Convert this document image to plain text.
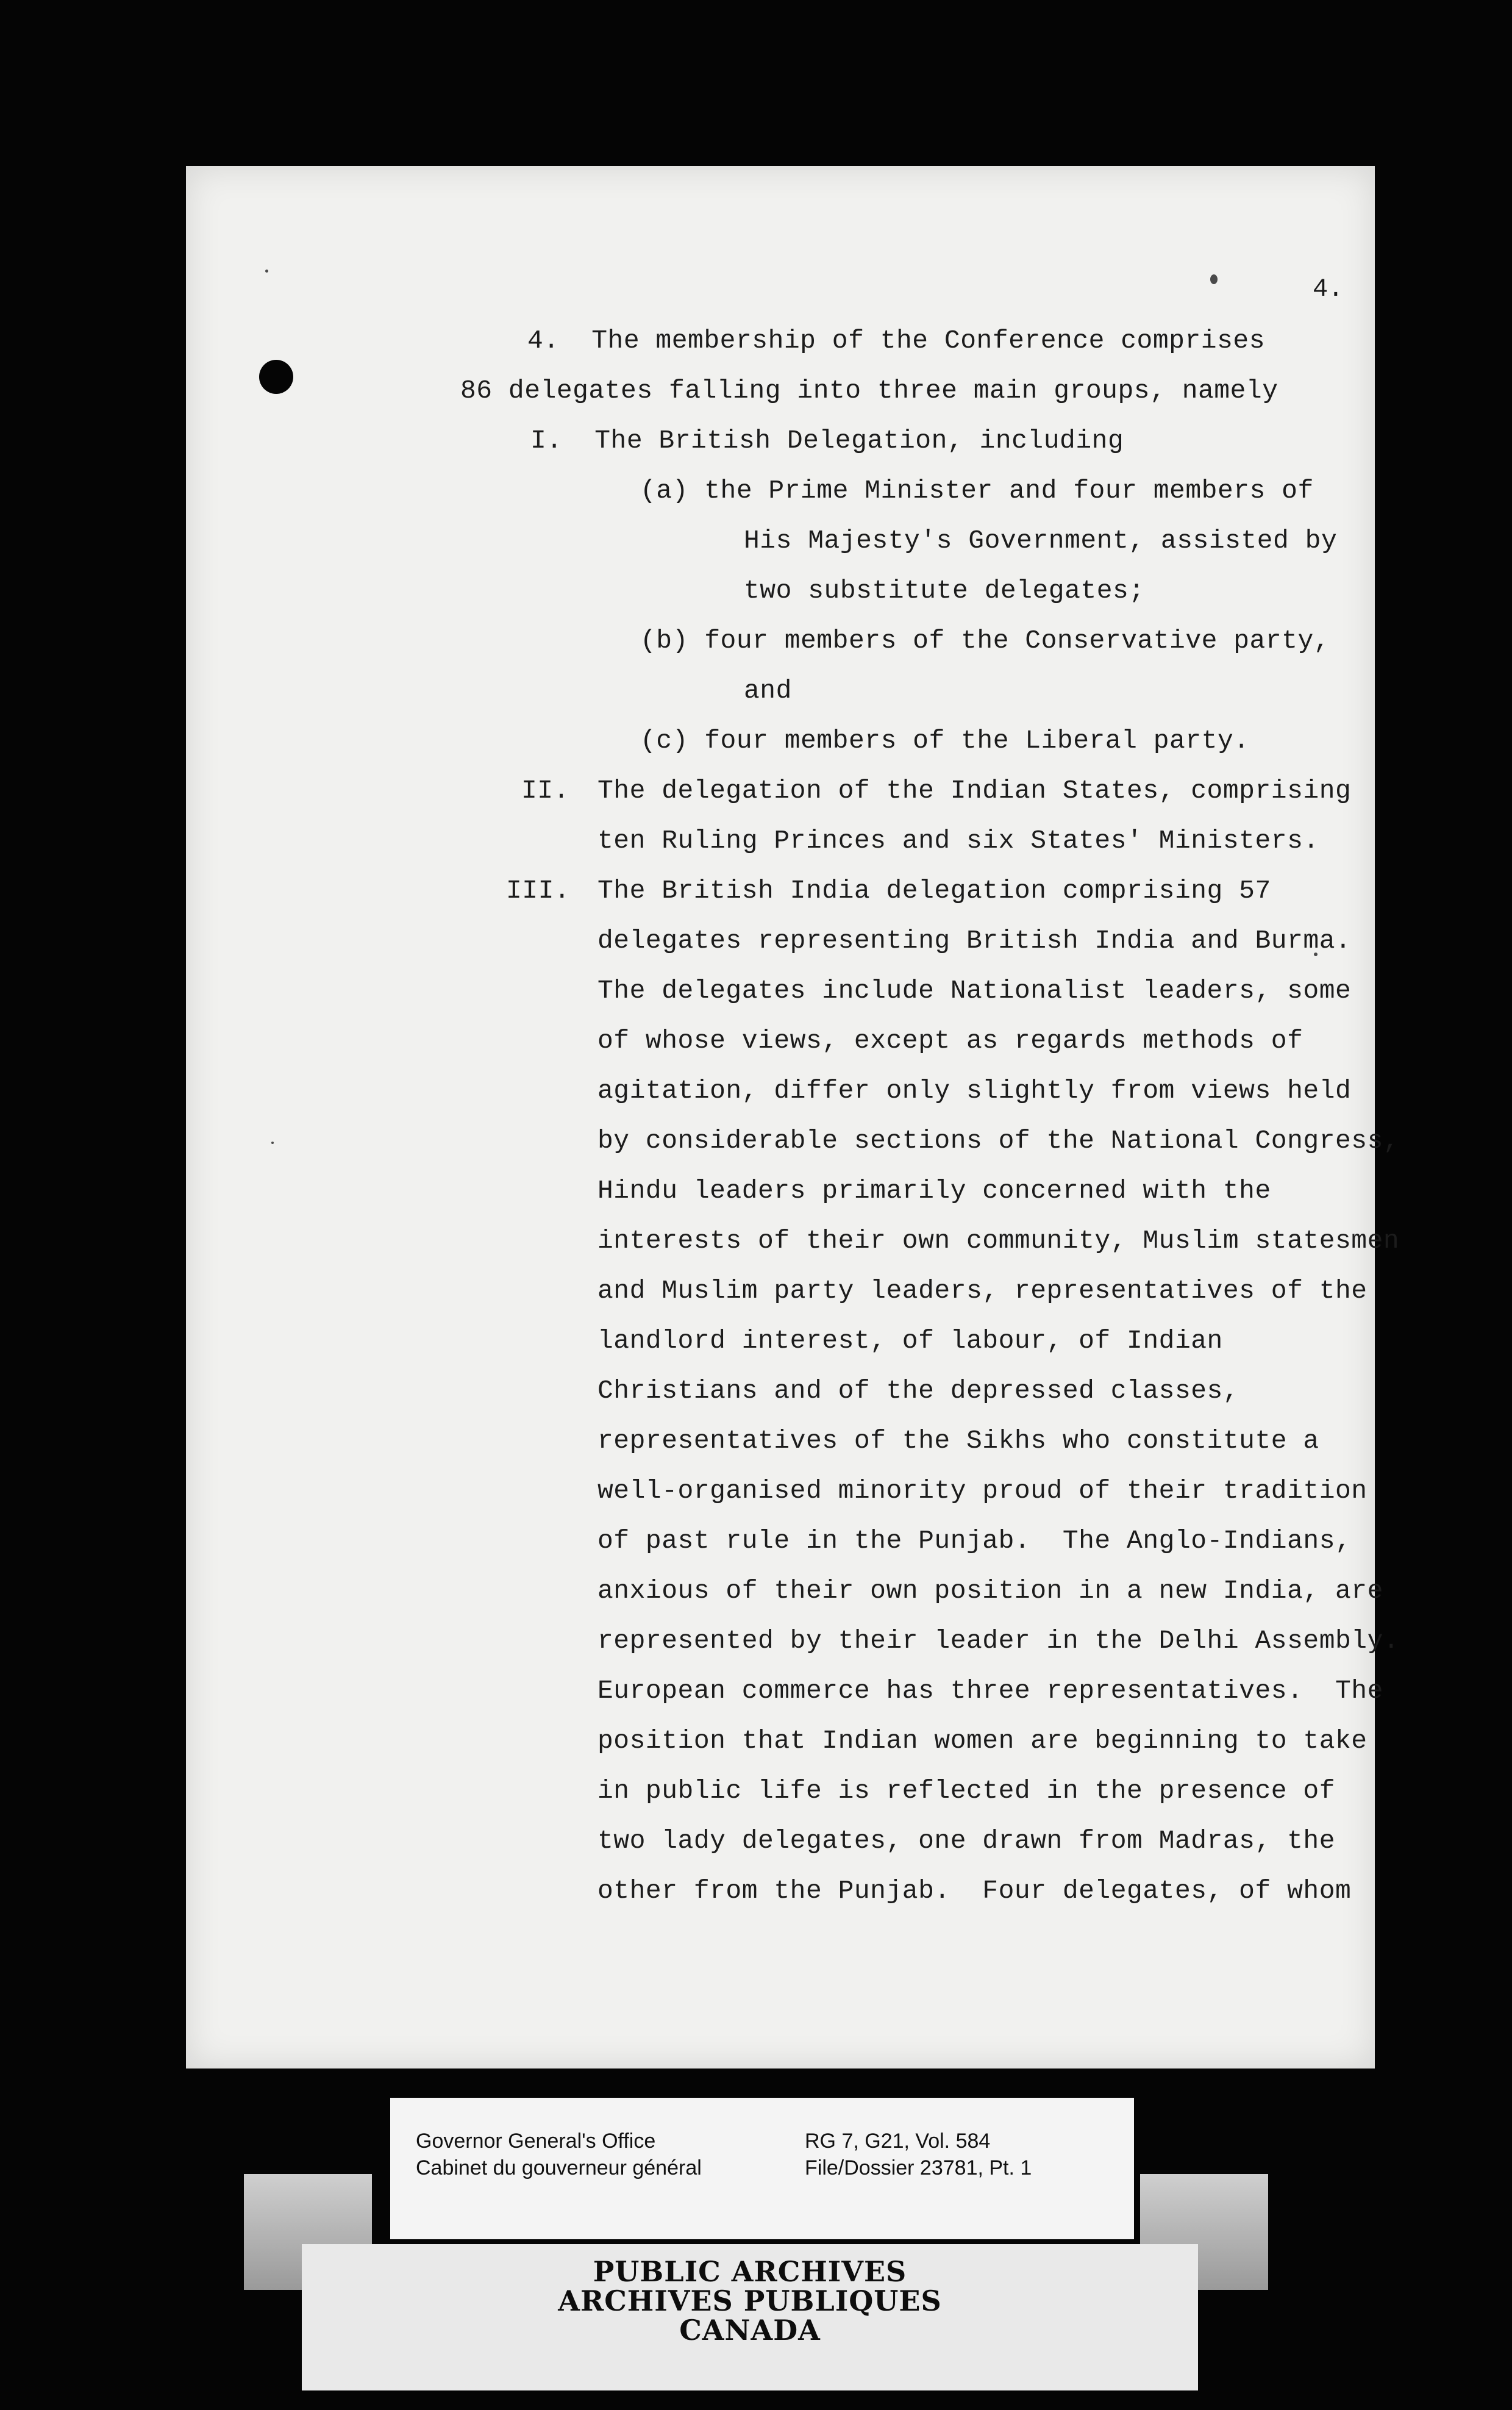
4.
4.  The membership of the Conference comprises
86 delegates falling into three main groups, namely
I.  The British Delegation, including
(a) the Prime Minister and four members of
His Majesty's Government, assisted by
two substitute delegates;
(b) four members of the Conservative party,
and
(c) four members of the Liberal party.
II. The delegation of the Indian States, comprising
ten Ruling Princes and six States' Ministers.
III. The British India delegation comprising 57
delegates representing British India and Burma.
The delegates include Nationalist leaders, some
of whose views, except as regards methods of
agitation, differ only slightly from views held
by considerable sections of the National Congress,
Hindu leaders primarily concerned with the
interests of their own community, Muslim statesmen
and Muslim party leaders, representatives of the
landlord interest, of labour, of Indian
Christians and of the depressed classes,
representatives of the Sikhs who constitute a
well-organised minority proud of their tradition
of past rule in the Punjab.  The Anglo-Indians,
anxious of their own position in a new India, are
represented by their leader in the Delhi Assembly.
European commerce has three representatives.  The
position that Indian women are beginning to take
in public life is reflected in the presence of
two lady delegates, one drawn from Madras, the
other from the Punjab.  Four delegates, of whom
Governor General's Office
Cabinet du gouverneur général
RG 7, G21, Vol. 584
File/Dossier 23781, Pt. 1
PUBLIC ARCHIVES
ARCHIVES PUBLIQUES
CANADA
